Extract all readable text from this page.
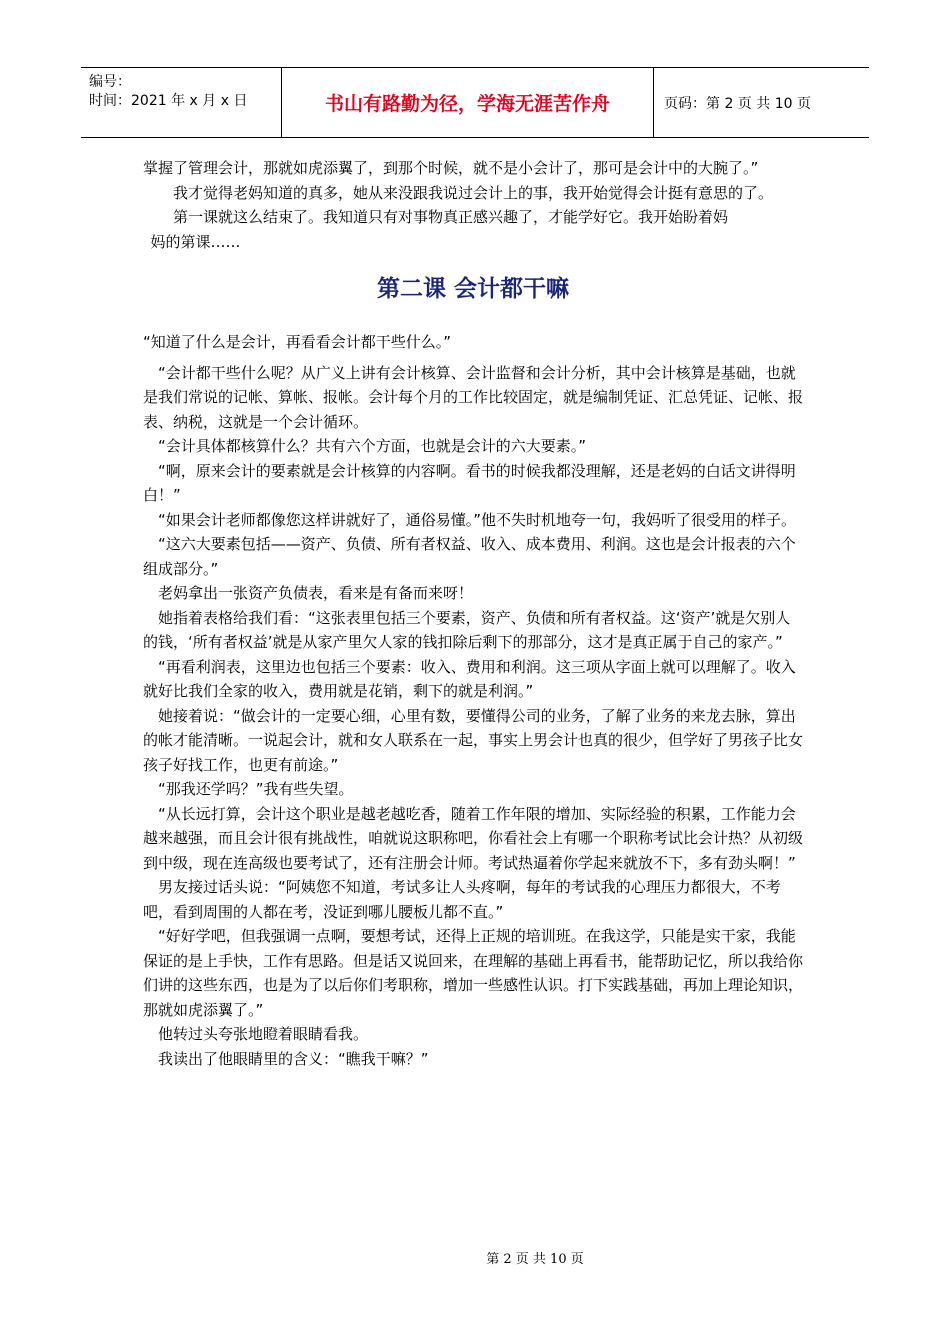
编号：
时间：2021 年 x 月 x 日	书山有路勤为径，学海无涯苦作舟	页码：第 2 页 共 10 页

掌握了管理会计，那就如虎添翼了，到那个时候，就不是小会计了，那可是会计中的大腕了。”

我才觉得老妈知道的真多，她从来没跟我说过会计上的事，我开始觉得会计挺有意思的了。

第一课就这么结束了。我知道只有对事物真正感兴趣了，才能学好它。我开始盼着妈

妈的第课……

第二课 会计都干嘛

“知道了什么是会计，再看看会计都干些什么。”

“会计都干些什么呢？从广义上讲有会计核算、会计监督和会计分析，其中会计核算是基础，也就是我们常说的记帐、算帐、报帐。会计每个月的工作比较固定，就是编制凭证、汇总凭证、记帐、报表、纳税，这就是一个会计循环。

“会计具体都核算什么？共有六个方面，也就是会计的六大要素。”

“啊，原来会计的要素就是会计核算的内容啊。看书的时候我都没理解，还是老妈的白话文讲得明白！”

“如果会计老师都像您这样讲就好了，通俗易懂。”他不失时机地夸一句，我妈听了很受用的样子。

“这六大要素包括——资产、负债、所有者权益、收入、成本费用、利润。这也是会计报表的六个组成部分。”

老妈拿出一张资产负债表，看来是有备而来呀！

她指着表格给我们看：“这张表里包括三个要素，资产、负债和所有者权益。这‘资产’就是欠别人的钱，‘所有者权益’就是从家产里欠人家的钱扣除后剩下的那部分，这才是真正属于自己的家产。”

“再看利润表，这里边也包括三个要素：收入、费用和利润。这三项从字面上就可以理解了。收入就好比我们全家的收入，费用就是花销，剩下的就是利润。”

她接着说：“做会计的一定要心细，心里有数，要懂得公司的业务，了解了业务的来龙去脉，算出的帐才能清晰。一说起会计，就和女人联系在一起，事实上男会计也真的很少，但学好了男孩子比女孩子好找工作，也更有前途。”

“那我还学吗？”我有些失望。

“从长远打算，会计这个职业是越老越吃香，随着工作年限的增加、实际经验的积累，工作能力会越来越强，而且会计很有挑战性，咱就说这职称吧，你看社会上有哪一个职称考试比会计热？从初级到中级，现在连高级也要考试了，还有注册会计师。考试热逼着你学起来就放不下，多有劲头啊！”

男友接过话头说：“阿姨您不知道，考试多让人头疼啊，每年的考试我的心理压力都很大，不考吧，看到周围的人都在考，没证到哪儿腰板儿都不直。”

“好好学吧，但我强调一点啊，要想考试，还得上正规的培训班。在我这学，只能是实干家，我能保证的是上手快，工作有思路。但是话又说回来，在理解的基础上再看书，能帮助记忆，所以我给你们讲的这些东西，也是为了以后你们考职称，增加一些感性认识。打下实践基础，再加上理论知识，那就如虎添翼了。”

他转过头夸张地瞪着眼睛看我。

我读出了他眼睛里的含义：“瞧我干嘛？”

第 2 页 共 10 页
